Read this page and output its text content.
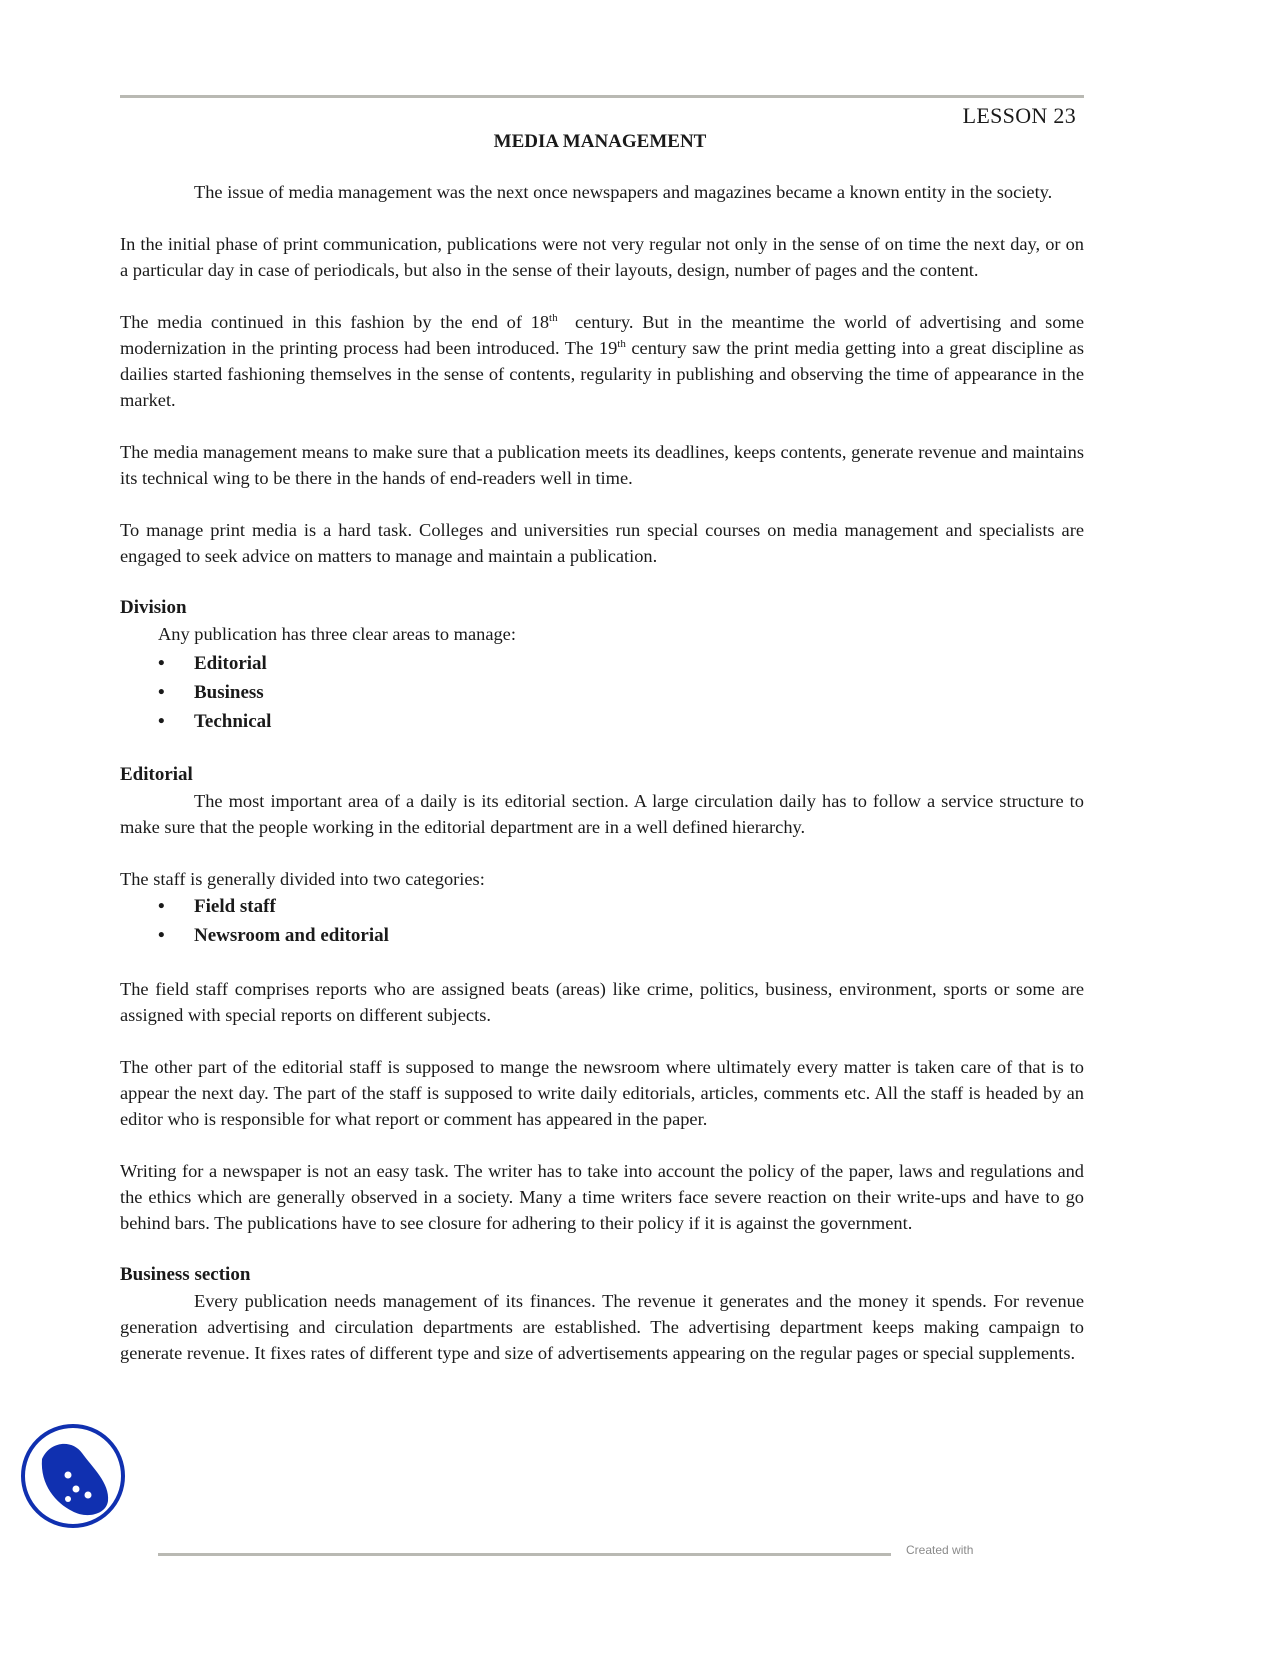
LESSON 23
MEDIA MANAGEMENT

The issue of media management was the next once newspapers and magazines became a known entity in the society.

In the initial phase of print communication, publications were not very regular not only in the sense of on time the next day, or on a particular day in case of periodicals, but also in the sense of their layouts, design, number of pages and the content.

The media continued in this fashion by the end of 18th century. But in the meantime the world of advertising and some modernization in the printing process had been introduced. The 19th century saw the print media getting into a great discipline as dailies started fashioning themselves in the sense of contents, regularity in publishing and observing the time of appearance in the market.

The media management means to make sure that a publication meets its deadlines, keeps contents, generate revenue and maintains its technical wing to be there in the hands of end-readers well in time.

To manage print media is a hard task. Colleges and universities run special courses on media management and specialists are engaged to seek advice on matters to manage and maintain a publication.

Division
Any publication has three clear areas to manage:
• Editorial
• Business
• Technical
Editorial

The most important area of a daily is its editorial section. A large circulation daily has to follow a service structure to make sure that the people working in the editorial department are in a well defined hierarchy.

The staff is generally divided into two categories:

• Field staff
• Newsroom and editorial

The field staff comprises reports who are assigned beats (areas) like crime, politics, business, environment, sports or some are assigned with special reports on different subjects.

The other part of the editorial staff is supposed to mange the newsroom where ultimately every matter is taken care of that is to appear the next day. The part of the staff is supposed to write daily editorials, articles, comments etc. All the staff is headed by an editor who is responsible for what report or comment has appeared in the paper.

Writing for a newspaper is not an easy task. The writer has to take into account the policy of the paper, laws and regulations and the ethics which are generally observed in a society. Many a time writers face severe reaction on their write-ups and have to go behind bars. The publications have to see closure for adhering to their policy if it is against the government.

Business section

Every publication needs management of its finances. The revenue it generates and the money it spends. For revenue generation advertising and circulation departments are established. The advertising department keeps making campaign to generate revenue. It fixes rates of different type and size of advertisements appearing on the regular pages or special supplements.

Created with
